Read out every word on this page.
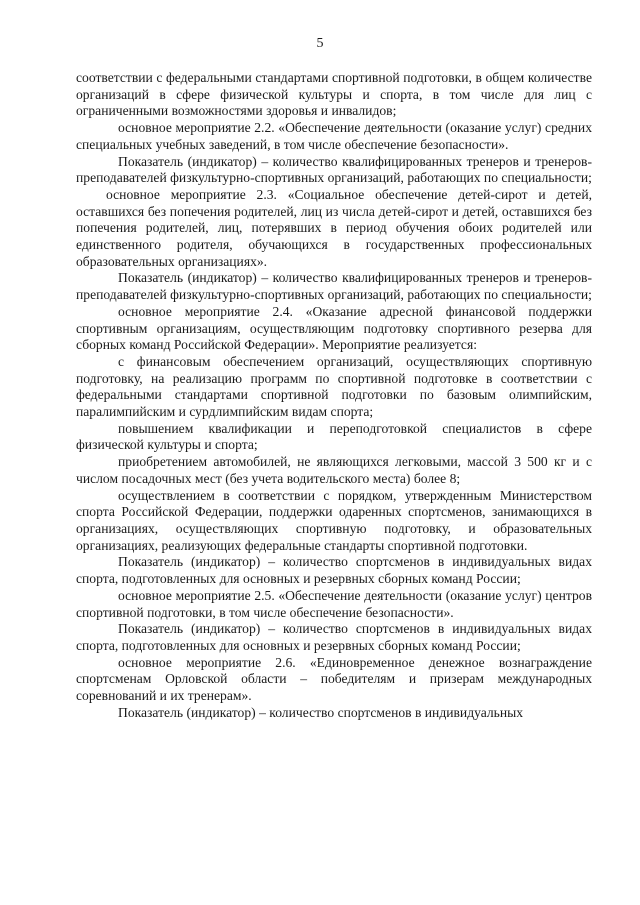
5

соответствии с федеральными стандартами спортивной подготовки, в общем количестве организаций в сфере физической культуры и спорта, в том числе для лиц с ограниченными возможностями здоровья и инвалидов;

основное мероприятие 2.2. «Обеспечение деятельности (оказание услуг) средних специальных учебных заведений, в том числе обеспечение безопасности».

Показатель (индикатор) – количество квалифицированных тренеров и тренеров-преподавателей физкультурно-спортивных организаций, работающих по специальности;

основное мероприятие 2.3. «Социальное обеспечение детей-сирот и детей, оставшихся без попечения родителей, лиц из числа детей-сирот и детей, оставшихся без попечения родителей, лиц, потерявших в период обучения обоих родителей или единственного родителя, обучающихся в государственных профессиональных образовательных организациях».

Показатель (индикатор) – количество квалифицированных тренеров и тренеров-преподавателей физкультурно-спортивных организаций, работающих по специальности;

основное мероприятие 2.4. «Оказание адресной финансовой поддержки спортивным организациям, осуществляющим подготовку спортивного резерва для сборных команд Российской Федерации». Мероприятие реализуется:

с финансовым обеспечением организаций, осуществляющих спортивную подготовку, на реализацию программ по спортивной подготовке в соответствии с федеральными стандартами спортивной подготовки по базовым олимпийским, паралимпийским и сурдлимпийским видам спорта;

повышением квалификации и переподготовкой специалистов в сфере физической культуры и спорта;

приобретением автомобилей, не являющихся легковыми, массой 3 500 кг и с числом посадочных мест (без учета водительского места) более 8;

осуществлением в соответствии с порядком, утвержденным Министерством спорта Российской Федерации, поддержки одаренных спортсменов, занимающихся в организациях, осуществляющих спортивную подготовку, и образовательных организациях, реализующих федеральные стандарты спортивной подготовки.

Показатель (индикатор) – количество спортсменов в индивидуальных видах спорта, подготовленных для основных и резервных сборных команд России;

основное мероприятие 2.5. «Обеспечение деятельности (оказание услуг) центров спортивной подготовки, в том числе обеспечение безопасности».

Показатель (индикатор) – количество спортсменов в индивидуальных видах спорта, подготовленных для основных и резервных сборных команд России;

основное мероприятие 2.6. «Единовременное денежное вознаграждение спортсменам Орловской области – победителям и призерам международных соревнований и их тренерам».

Показатель (индикатор) – количество спортсменов в индивидуальных
